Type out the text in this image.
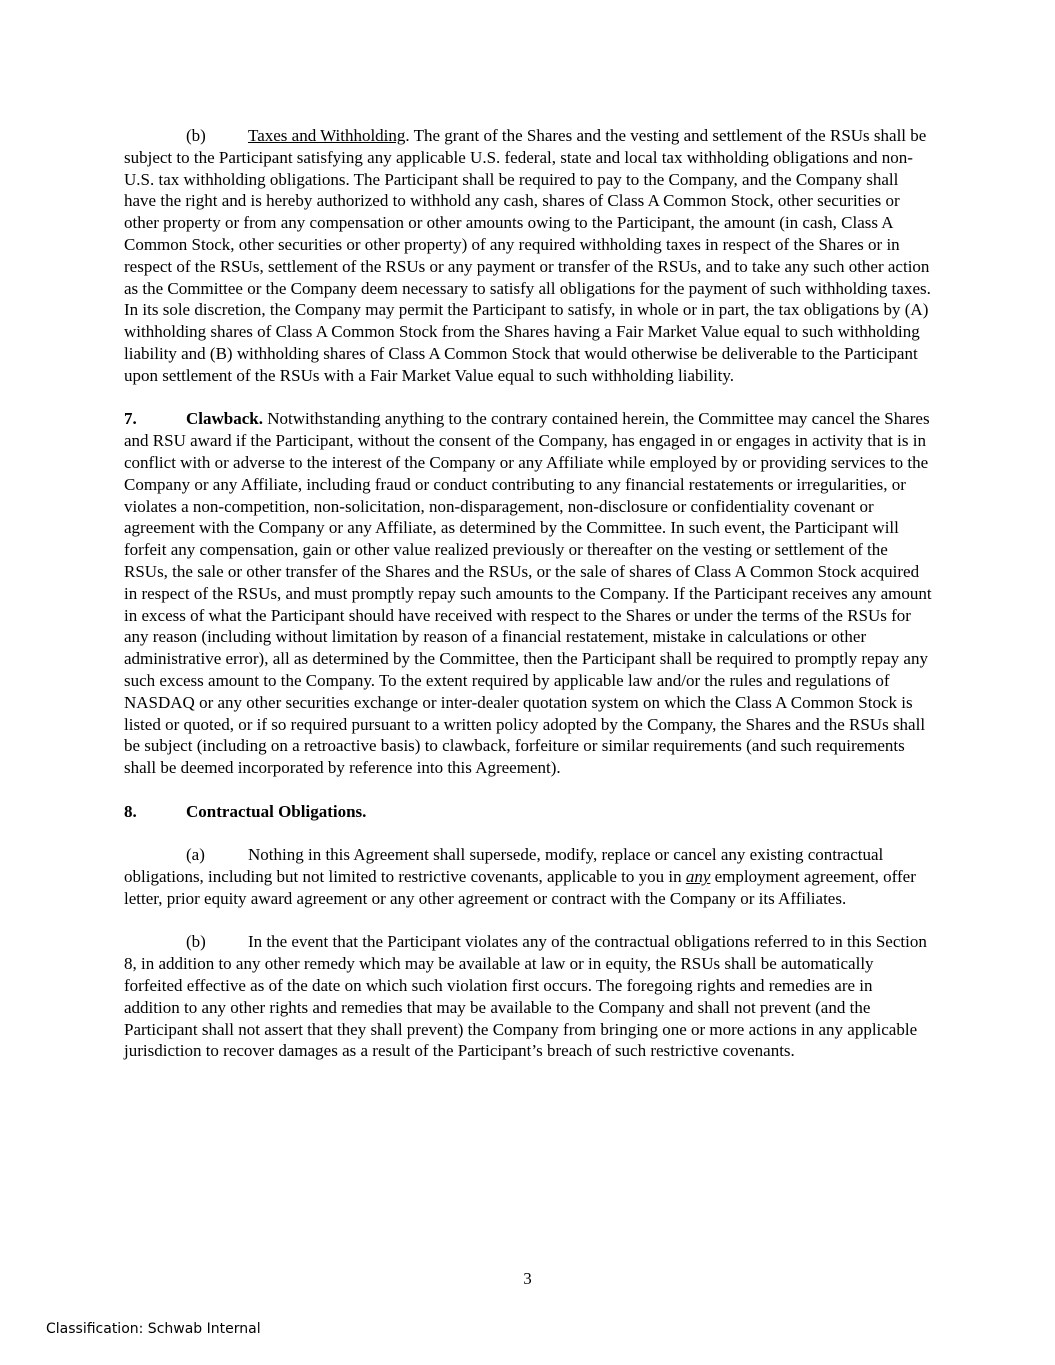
(b) Taxes and Withholding. The grant of the Shares and the vesting and settlement of the RSUs shall be subject to the Participant satisfying any applicable U.S. federal, state and local tax withholding obligations and non-U.S. tax withholding obligations. The Participant shall be required to pay to the Company, and the Company shall have the right and is hereby authorized to withhold any cash, shares of Class A Common Stock, other securities or other property or from any compensation or other amounts owing to the Participant, the amount (in cash, Class A Common Stock, other securities or other property) of any required withholding taxes in respect of the Shares or in respect of the RSUs, settlement of the RSUs or any payment or transfer of the RSUs, and to take any such other action as the Committee or the Company deem necessary to satisfy all obligations for the payment of such withholding taxes. In its sole discretion, the Company may permit the Participant to satisfy, in whole or in part, the tax obligations by (A) withholding shares of Class A Common Stock from the Shares having a Fair Market Value equal to such withholding liability and (B) withholding shares of Class A Common Stock that would otherwise be deliverable to the Participant upon settlement of the RSUs with a Fair Market Value equal to such withholding liability.

7.	Clawback. Notwithstanding anything to the contrary contained herein, the Committee may cancel the Shares and RSU award if the Participant, without the consent of the Company, has engaged in or engages in activity that is in conflict with or adverse to the interest of the Company or any Affiliate while employed by or providing services to the Company or any Affiliate, including fraud or conduct contributing to any financial restatements or irregularities, or violates a non-competition, non-solicitation, non-disparagement, non-disclosure or confidentiality covenant or agreement with the Company or any Affiliate, as determined by the Committee. In such event, the Participant will forfeit any compensation, gain or other value realized previously or thereafter on the vesting or settlement of the RSUs, the sale or other transfer of the Shares and the RSUs, or the sale of shares of Class A Common Stock acquired in respect of the RSUs, and must promptly repay such amounts to the Company. If the Participant receives any amount in excess of what the Participant should have received with respect to the Shares or under the terms of the RSUs for any reason (including without limitation by reason of a financial restatement, mistake in calculations or other administrative error), all as determined by the Committee, then the Participant shall be required to promptly repay any such excess amount to the Company. To the extent required by applicable law and/or the rules and regulations of NASDAQ or any other securities exchange or inter-dealer quotation system on which the Class A Common Stock is listed or quoted, or if so required pursuant to a written policy adopted by the Company, the Shares and the RSUs shall be subject (including on a retroactive basis) to clawback, forfeiture or similar requirements (and such requirements shall be deemed incorporated by reference into this Agreement).

8.	Contractual Obligations.

(a)	Nothing in this Agreement shall supersede, modify, replace or cancel any existing contractual obligations, including but not limited to restrictive covenants, applicable to you in any employment agreement, offer letter, prior equity award agreement or any other agreement or contract with the Company or its Affiliates.

(b) In the event that the Participant violates any of the contractual obligations referred to in this Section 8, in addition to any other remedy which may be available at law or in equity, the RSUs shall be automatically forfeited effective as of the date on which such violation first occurs. The foregoing rights and remedies are in addition to any other rights and remedies that may be available to the Company and shall not prevent (and the Participant shall not assert that they shall prevent) the Company from bringing one or more actions in any applicable jurisdiction to recover damages as a result of the Participant’s breach of such restrictive covenants.

3
Classification: Schwab Internal
